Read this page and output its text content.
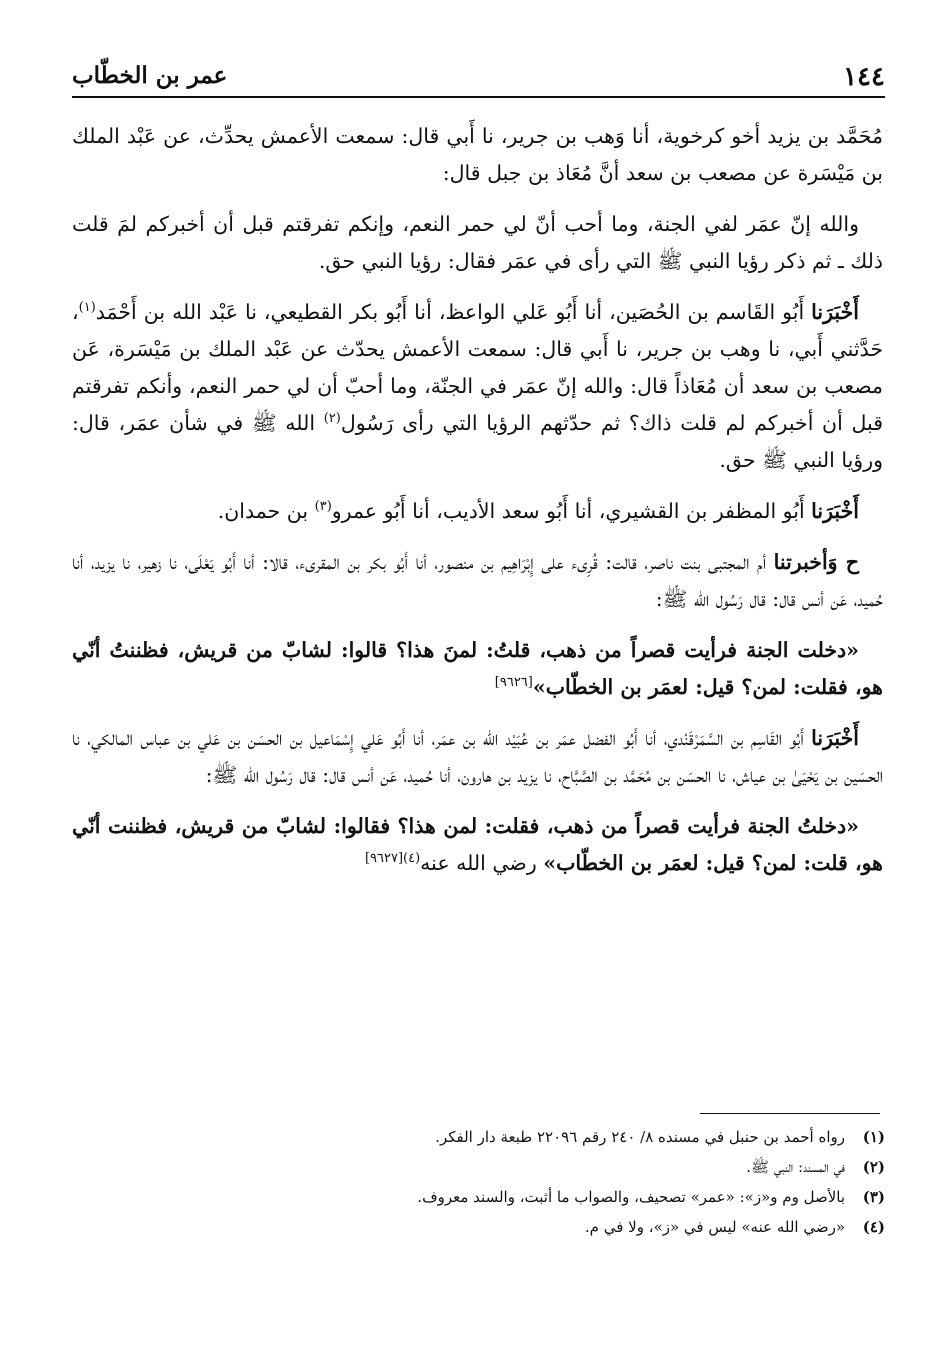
١٤٤
عمر بن الخطّاب

مُحَمَّد بن يزيد أخو كرخوية، أنا وَهب بن جرير، نا أَبي قال: سمعت الأعمش يحدِّث، عن عَبْد الملك بن مَيْسَرة عن مصعب بن سعد أنَّ مُعَاذ بن جبل قال:

والله إنّ عمَر لفي الجنة، وما أحب أنّ لي حمر النعم، وإنكم تفرقتم قبل أن أخبركم لمَ قلت ذلك ـ ثم ذكر رؤيا النبي ﷺ التي رأى في عمَر فقال: رؤيا النبي حق.

أَخْبَرَنا أَبُو القَاسم بن الحُصَين، أنا أَبُو عَلي الواعظ، أنا أَبُو بكر القطيعي، نا عَبْد الله بن أَحْمَد$^{(١)}$، حَدَّثني أَبي، نا وهب بن جرير، نا أَبي قال: سمعت الأعمش يحدّث عن عَبْد الملك بن مَيْسَرة، عَن مصعب بن سعد أن مُعَاذاً قال: والله إنّ عمَر في الجنّة، وما أحبّ أن لي حمر النعم، وأنكم تفرقتم قبل أن أخبركم لم قلت ذاك؟ ثم حدّثهم الرؤيا التي رأى رَسُول$^{(٢)}$ الله ﷺ في شأن عمَر، قال: ورؤيا النبي ﷺ حق.

أَخْبَرَنا أَبُو المظفر بن القشيري، أنا أَبُو سعد الأديب، أنا أَبُو عمرو$^{(٣)}$ بن حمدان.

ح وَأخبرتنا أم المجتبى بنت ناصر، قالت: قُرِىء على إِبْرَاهِيم بن منصور، أنا أَبُو بكر بن المقرىء، قالا: أنا أَبُو يَعْلَى، نا زهير، نا يزيد، أنا حُميد، عَن أنس قال: قال رَسُول الله ﷺ:

«دخلت الجنة فرأيت قصراً من ذهب، قلتُ: لمنَ هذا؟ قالوا: لشابّ من قريش، فظننتُ أنّي هو، فقلت: لمن؟ قيل: لعمَر بن الخطّاب»[٩٦٢٦]

أَخْبَرَنا أَبُو القَاسِم بن السَّمَرْقَنْدي، أنا أَبُو الفضل عمَر بن عُبَيْد الله بن عمَر، أنا أَبُو عَلي إِسْمَاعيل بن الحسَن بن عَلي بن عباس المالكي، نا الحسَين بن يَحْيَىٰ بن عياش، نا الحسَن بن مُحَمَّد بن الصَّبَّاح، نا يزيد بن هارون، أنا حُميد، عَن أنس قال: قال رَسُول الله ﷺ:

«دخلتُ الجنة فرأيت قصراً من ذهب، فقلت: لمن هذا؟ فقالوا: لشابّ من قريش، فظننت أنّي هو، قلت: لمن؟ قيل: لعمَر بن الخطّاب» رضي الله عنه$^{(٤)[٩٦٢٧]}$

(١)
رواه أحمد بن حنبل في مسنده ٨/ ٢٤٠ رقم ٢٢٠٩٦ طبعة دار الفكر.
(٢)
في المسند: النبي ﷺ.
(٣)
بالأصل وم و«ز»: «عمر» تصحيف، والصواب ما أثبت، والسند معروف.
(٤)
«رضي الله عنه» ليس في «ز»، ولا في م.
